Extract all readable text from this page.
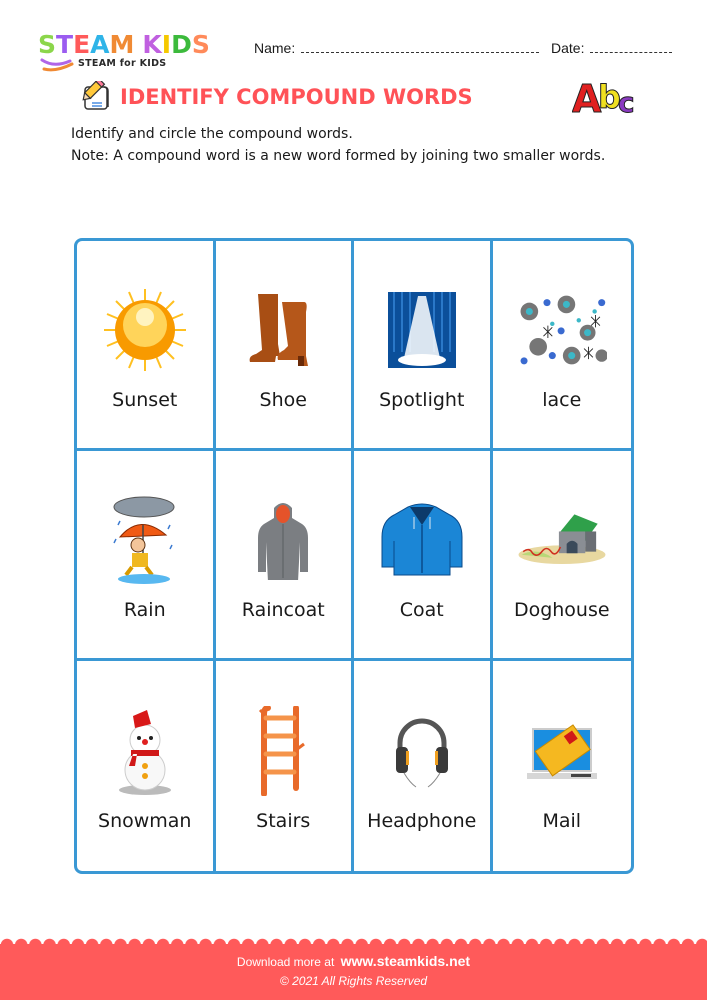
STEAM KIDS
STEAM for KIDS
Name:	Date:
IDENTIFY COMPOUND WORDS	A
b
c
Identify and circle the compound words.
Note: A compound word is a new word formed by joining two smaller words.
Sunset	Shoe	Spotlight	lace
Rain	Raincoat	Coat	Doghouse
Snowman	Stairs	Headphone	Mail
Download more at www.steamkids.net
© 2021 All Rights Reserved
